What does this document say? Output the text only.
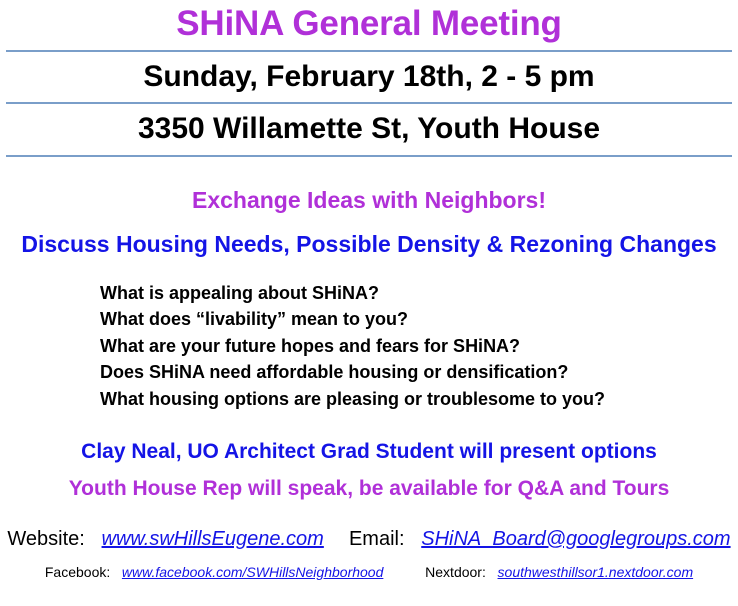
SHiNA General Meeting
Sunday, February 18th, 2 - 5 pm
3350 Willamette St, Youth House
Exchange Ideas with Neighbors!
Discuss Housing Needs, Possible Density & Rezoning Changes
What is appealing about SHiNA?
What does “livability” mean to you?
What are your future hopes and fears for SHiNA?
Does SHiNA need affordable housing or densification?
What housing options are pleasing or troublesome to you?
Clay Neal, UO Architect Grad Student will present options
Youth House Rep will speak, be available for Q&A and Tours
Website: www.swHillsEugene.com Email: SHiNA_Board@googlegroups.com
Facebook: www.facebook.com/SWHillsNeighborhood	Nextdoor: southwesthillsor1.nextdoor.com
